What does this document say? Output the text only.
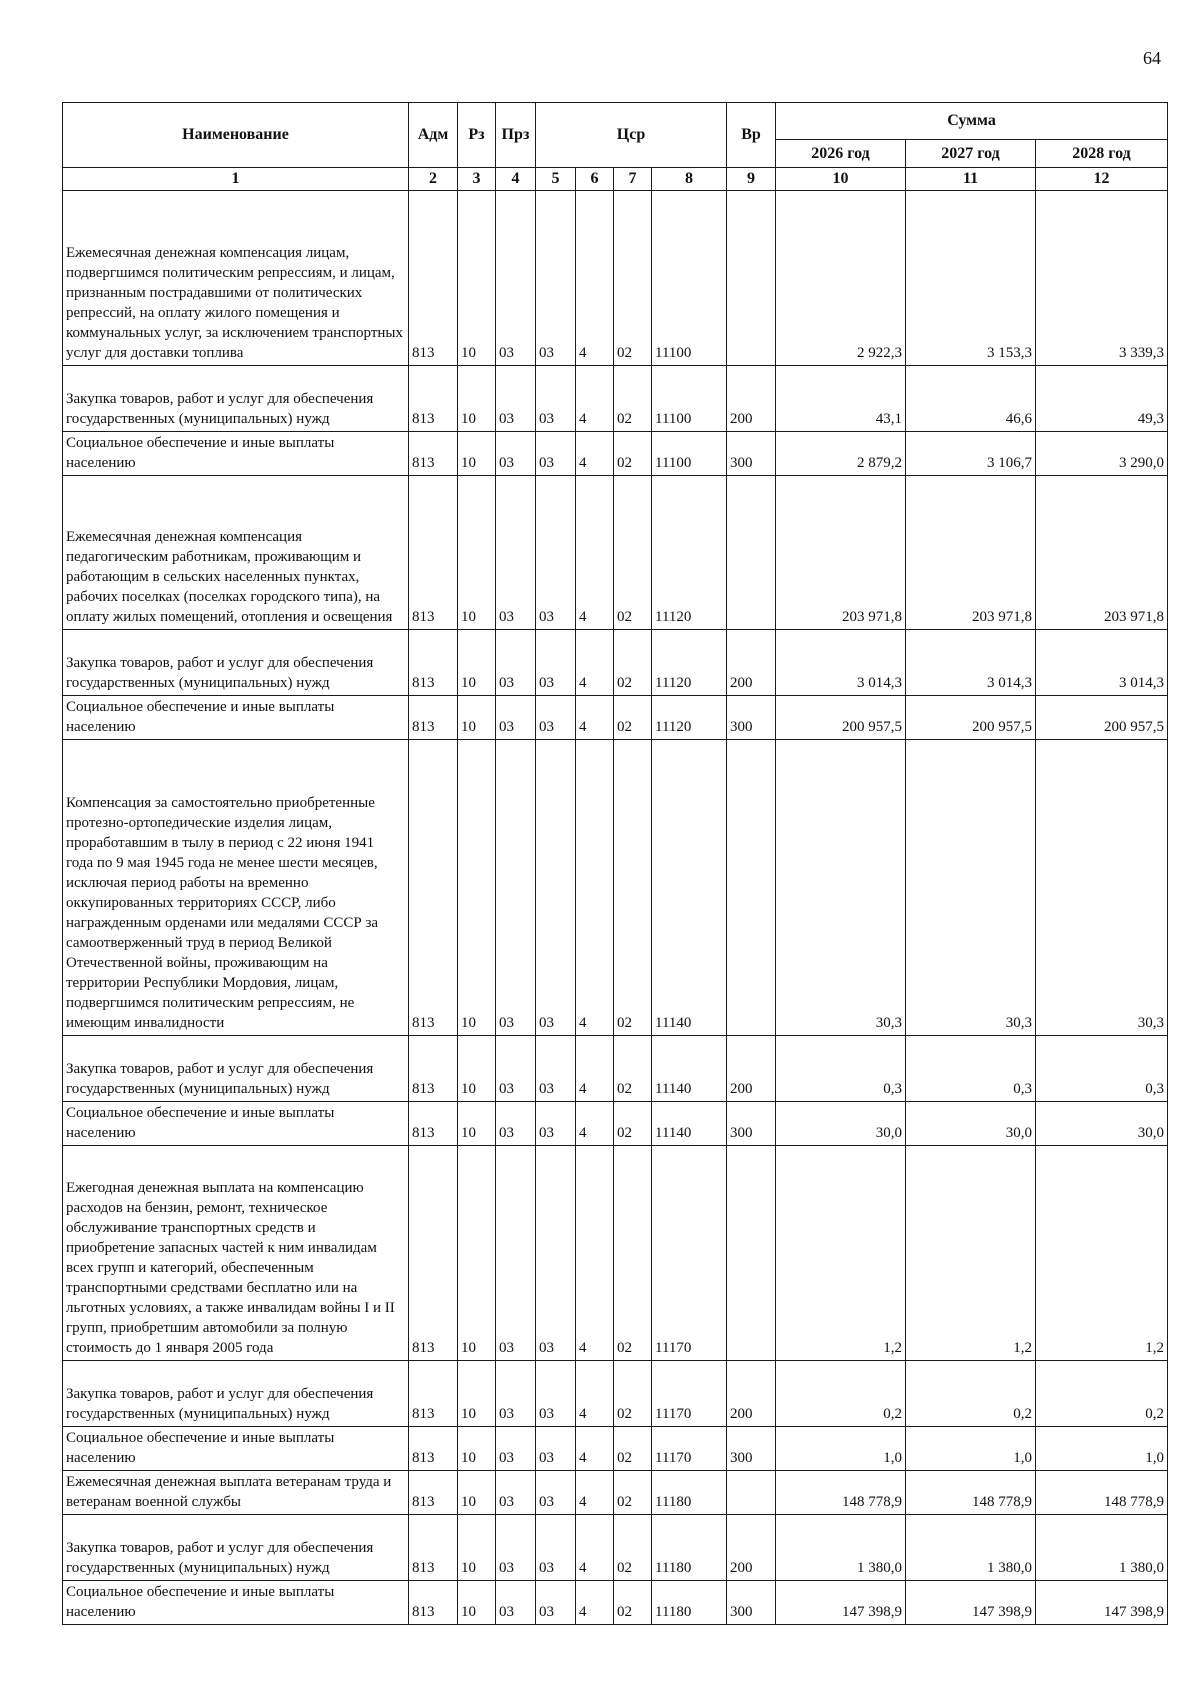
64
Наименование	Адм	Рз	Прз	Цср				Вр	Сумма		
									2026 год	2027 год	2028 год
1	2	3	4	5	6	7	8	9	10	11	12
Ежемесячная денежная компенсация лицам, подвергшимся политическим репрессиям, и лицам, признанным пострадавшими от политических репрессий, на оплату жилого помещения и коммунальных услуг, за исключением транспортных услуг для доставки топлива	813	10	03	03	4	02	11100		2 922,3	3 153,3	3 339,3
Закупка товаров, работ и услуг для обеспечения государственных (муниципальных) нужд	813	10	03	03	4	02	11100	200	43,1	46,6	49,3
Социальное обеспечение и иные выплаты населению	813	10	03	03	4	02	11100	300	2 879,2	3 106,7	3 290,0
Ежемесячная денежная компенсация педагогическим работникам, проживающим и работающим в сельских населенных пунктах, рабочих поселках (поселках городского типа), на оплату жилых помещений, отопления и освещения	813	10	03	03	4	02	11120		203 971,8	203 971,8	203 971,8
Закупка товаров, работ и услуг для обеспечения государственных (муниципальных) нужд	813	10	03	03	4	02	11120	200	3 014,3	3 014,3	3 014,3
Социальное обеспечение и иные выплаты населению	813	10	03	03	4	02	11120	300	200 957,5	200 957,5	200 957,5
Компенсация за самостоятельно приобретенные протезно-ортопедические изделия лицам, проработавшим в тылу в период с 22 июня 1941 года по 9 мая 1945 года не менее шести месяцев, исключая период работы на временно оккупированных территориях СССР, либо награжденным орденами или медалями СССР за самоотверженный труд в период Великой Отечественной войны, проживающим на территории Республики Мордовия, лицам, подвергшимся политическим репрессиям, не имеющим инвалидности	813	10	03	03	4	02	11140		30,3	30,3	30,3
Закупка товаров, работ и услуг для обеспечения государственных (муниципальных) нужд	813	10	03	03	4	02	11140	200	0,3	0,3	0,3
Социальное обеспечение и иные выплаты населению	813	10	03	03	4	02	11140	300	30,0	30,0	30,0
Ежегодная денежная выплата на компенсацию расходов на бензин, ремонт, техническое обслуживание транспортных средств и приобретение запасных частей к ним инвалидам всех групп и категорий, обеспеченным транспортными средствами бесплатно или на льготных условиях, а также инвалидам войны I и II групп, приобретшим автомобили за полную стоимость до 1 января 2005 года	813	10	03	03	4	02	11170		1,2	1,2	1,2
Закупка товаров, работ и услуг для обеспечения государственных (муниципальных) нужд	813	10	03	03	4	02	11170	200	0,2	0,2	0,2
Социальное обеспечение и иные выплаты населению	813	10	03	03	4	02	11170	300	1,0	1,0	1,0
Ежемесячная денежная выплата ветеранам труда и ветеранам военной службы	813	10	03	03	4	02	11180		148 778,9	148 778,9	148 778,9
Закупка товаров, работ и услуг для обеспечения государственных (муниципальных) нужд	813	10	03	03	4	02	11180	200	1 380,0	1 380,0	1 380,0
Социальное обеспечение и иные выплаты населению	813	10	03	03	4	02	11180	300	147 398,9	147 398,9	147 398,9
